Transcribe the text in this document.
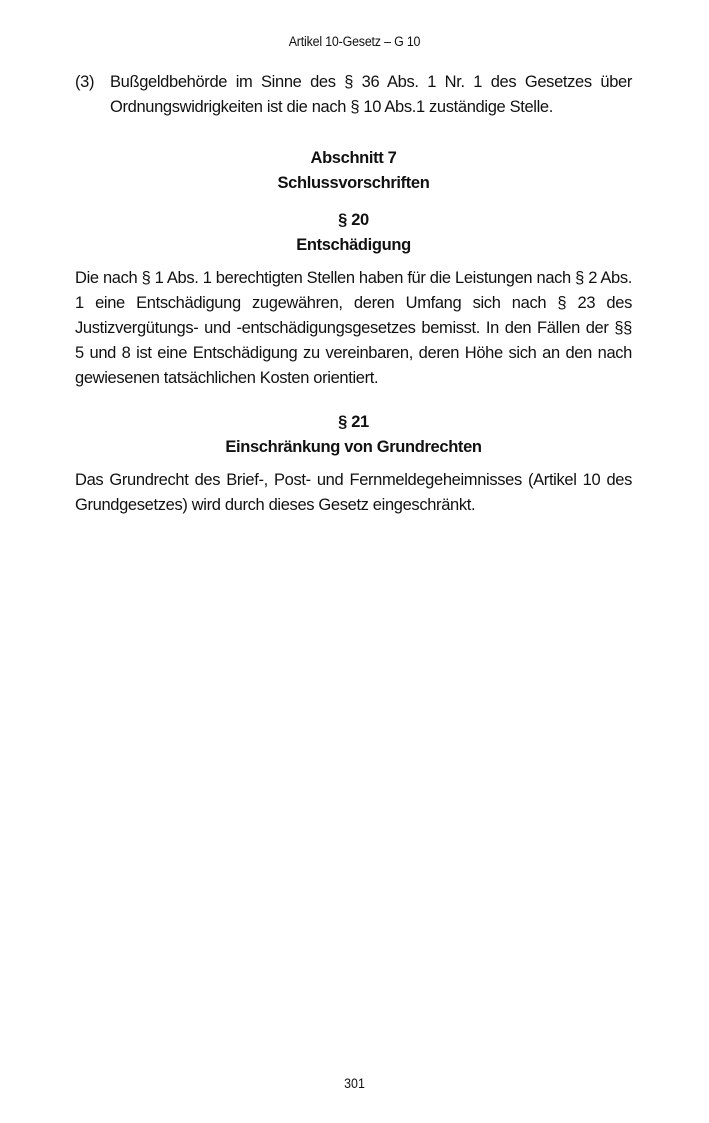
Artikel 10-Gesetz – G 10
(3) Bußgeldbehörde im Sinne des § 36 Abs. 1 Nr. 1 des Gesetzes über Ordnungswidrigkeiten ist die nach § 10 Abs.1 zuständige Stelle.

Abschnitt 7

Schlussvorschriften

§ 20

Entschädigung

Die nach § 1 Abs. 1 berechtigten Stellen haben für die Leistungen nach § 2 Abs. 1 eine Entschädigung zugewähren, deren Umfang sich nach § 23 des Justizvergütungs- und -entschädigungsgesetzes bemisst. In den Fällen der §§ 5 und 8 ist eine Entschädigung zu vereinbaren, deren Höhe sich an den nach gewiesenen tatsächlichen Kosten orientiert.

§ 21

Einschränkung von Grundrechten

Das Grundrecht des Brief-, Post- und Fernmeldegeheimnisses (Artikel 10 des Grundgesetzes) wird durch dieses Gesetz eingeschränkt.

301
